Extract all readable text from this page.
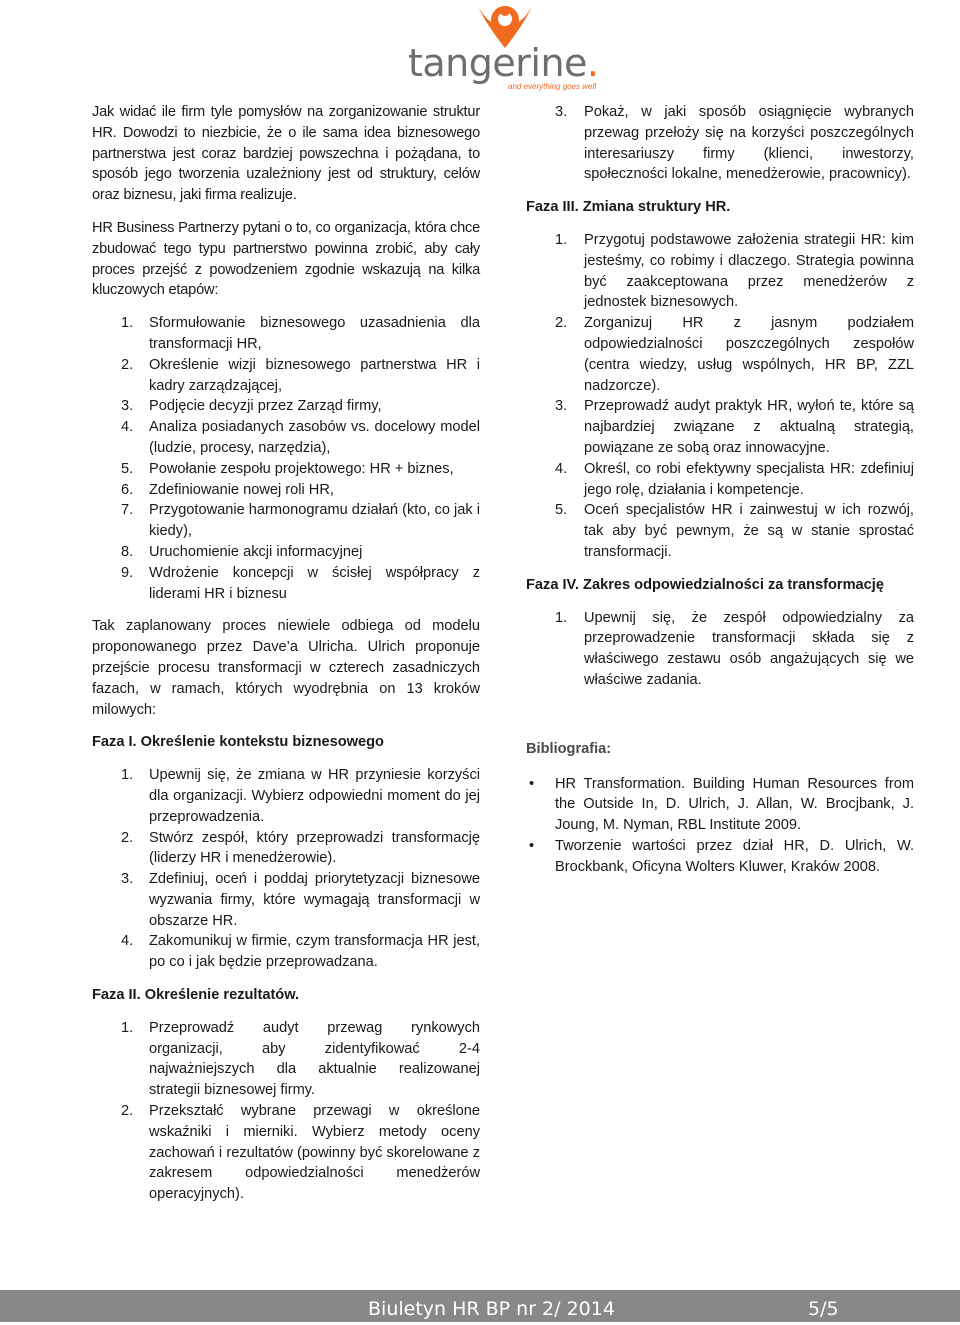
tangerine.
and everything goes well

Jak widać ile firm tyle pomysłów na zorganizowanie struktur HR. Dowodzi to niezbicie, że o ile sama idea biznesowego partnerstwa jest coraz bardziej powszechna i pożądana, to sposób jego tworzenia uzależniony jest od struktury, celów oraz biznesu, jaki firma realizuje.

HR Business Partnerzy pytani o to, co organizacja, która chce zbudować tego typu partnerstwo powinna zrobić, aby cały proces przejść z powodzeniem zgodnie wskazują na kilka kluczowych etapów:

1. Sformułowanie biznesowego uzasadnienia dla transformacji HR,
2. Określenie wizji biznesowego partnerstwa HR i kadry zarządzającej,
3. Podjęcie decyzji przez Zarząd firmy,
4. Analiza posiadanych zasobów vs. docelowy model (ludzie, procesy, narzędzia),
5. Powołanie zespołu projektowego: HR + biznes,
6. Zdefiniowanie nowej roli HR,
7. Przygotowanie harmonogramu działań (kto, co jak i kiedy),
8. Uruchomienie akcji informacyjnej
9. Wdrożenie koncepcji w ścisłej współpracy z liderami HR i biznesu

Tak zaplanowany proces niewiele odbiega od modelu proponowanego przez Dave’a Ulricha. Ulrich proponuje przejście procesu transformacji w czterech zasadniczych fazach, w ramach, których wyodrębnia on 13 kroków milowych:

Faza I. Określenie kontekstu biznesowego
1. Upewnij się, że zmiana w HR przyniesie korzyści dla organizacji. Wybierz odpowiedni moment do jej przeprowadzenia.
2. Stwórz zespół, który przeprowadzi transformację (liderzy HR i menedżerowie).
3. Zdefiniuj, oceń i poddaj priorytetyzacji biznesowe wyzwania firmy, które wymagają transformacji w obszarze HR.
4. Zakomunikuj w firmie, czym transformacja HR jest, po co i jak będzie przeprowadzana.
Faza II. Określenie rezultatów.
1. Przeprowadź audyt przewag rynkowych organizacji, aby zidentyfikować 2-4 najważniejszych dla aktualnie realizowanej strategii biznesowej firmy.
2. Przekształć wybrane przewagi w określone wskaźniki i mierniki. Wybierz metody oceny zachowań i rezultatów (powinny być skorelowane z zakresem odpowiedzialności menedżerów operacyjnych).
3. Pokaż, w jaki sposób osiągnięcie wybranych przewag przełoży się na korzyści poszczególnych interesariuszy firmy (klienci, inwestorzy, społeczności lokalne, menedżerowie, pracownicy).
Faza III. Zmiana struktury HR.
1. Przygotuj podstawowe założenia strategii HR: kim jesteśmy, co robimy i dlaczego. Strategia powinna być zaakceptowana przez menedżerów z jednostek biznesowych.
2. Zorganizuj HR z jasnym podziałem odpowiedzialności poszczególnych zespołów (centra wiedzy, usług wspólnych, HR BP, ZZL nadzorcze).
3. Przeprowadź audyt praktyk HR, wyłoń te, które są najbardziej związane z aktualną strategią, powiązane ze sobą oraz innowacyjne.
4. Określ, co robi efektywny specjalista HR: zdefiniuj jego rolę, działania i kompetencje.
5. Oceń specjalistów HR i zainwestuj w ich rozwój, tak aby być pewnym, że są w stanie sprostać transformacji.
Faza IV. Zakres odpowiedzialności za transformację
1. Upewnij się, że zespół odpowiedzialny za przeprowadzenie transformacji składa się z właściwego zestawu osób angażujących się we właściwe zadania.
Bibliografia:
• HR Transformation. Building Human Resources from the Outside In, D. Ulrich, J. Allan, W. Brocjbank, J. Joung, M. Nyman, RBL Institute 2009.
• Tworzenie wartości przez dział HR, D. Ulrich, W. Brockbank, Oficyna Wolters Kluwer, Kraków 2008.
Biuletyn HR BP nr 2/ 2014	5/5
